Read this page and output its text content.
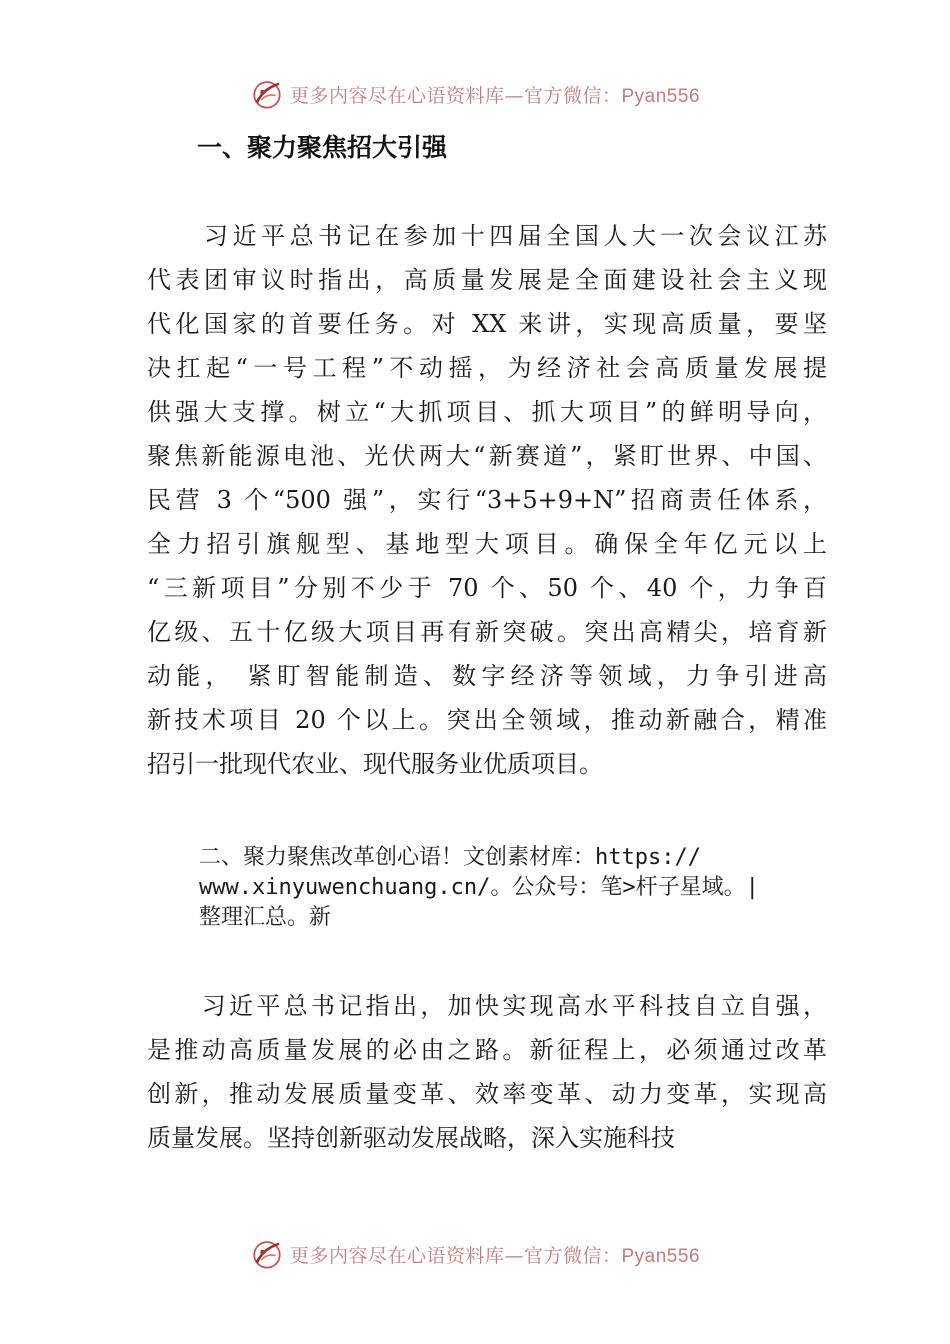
更多内容尽在心语资料库—官方微信：Pyan556
一、聚力聚焦招大引强
　　习近平总书记在参加十四届全国人大一次会议江苏
代表团审议时指出，高质量发展是全面建设社会主义现
代化国家的首要任务。对 XX 来讲，实现高质量，要坚
决扛起“一号工程”不动摇，为经济社会高质量发展提
供强大支撑。树立“大抓项目、抓大项目”的鲜明导向，
聚焦新能源电池、光伏两大“新赛道”，紧盯世界、中国、
民营 3 个“500 强”，实行“3+5+9+N”招商责任体系，
全力招引旗舰型、基地型大项目。确保全年亿元以上
“三新项目”分别不少于 70 个、50 个、40 个，力争百
亿级、五十亿级大项目再有新突破。突出高精尖，培育新
动能， 紧盯智能制造、数字经济等领域，力争引进高
新技术项目 20 个以上。突出全领域，推动新融合，精准
招引一批现代农业、现代服务业优质项目。
二、聚力聚焦改革创心语！文创素材库：https://
www.xinyuwenchuang.cn/。公众号：笔>杆子星域。|
整理汇总。新
　　习近平总书记指出，加快实现高水平科技自立自强，
是推动高质量发展的必由之路。新征程上，必须通过改革
创新，推动发展质量变革、效率变革、动力变革，实现高
质量发展。坚持创新驱动发展战略，深入实施科技
更多内容尽在心语资料库—官方微信：Pyan556
